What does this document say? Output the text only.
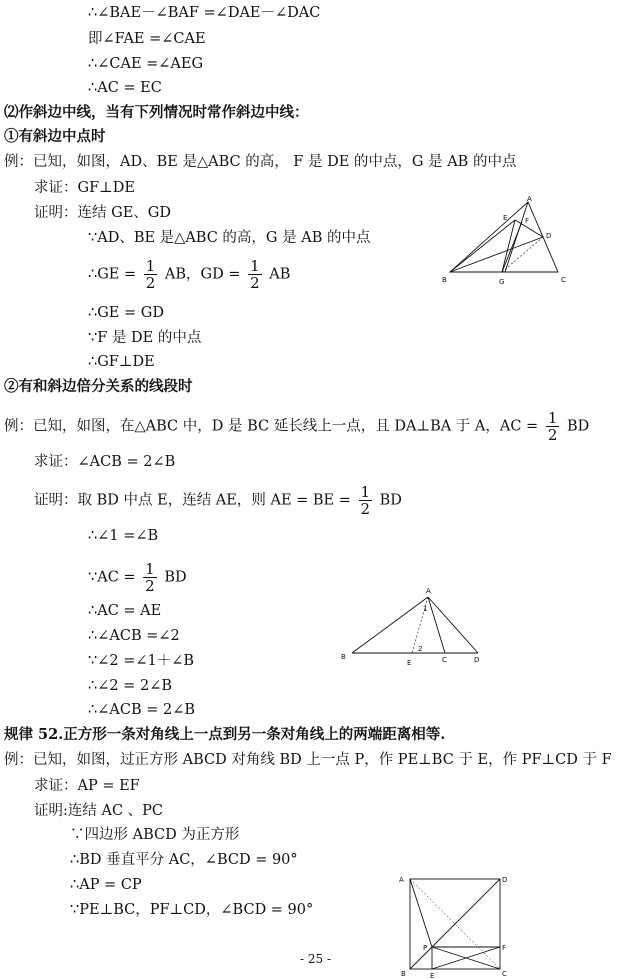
∴∠BAE－∠BAF =∠DAE－∠DAC
即∠FAE =∠CAE
∴∠CAE =∠AEG
∴AC = EC
⑵作斜边中线，当有下列情况时常作斜边中线：
①有斜边中点时
例：已知，如图，AD、BE 是△ABC 的高， F 是 DE 的中点，G 是 AB 的中点
求证：GF⊥DE
证明：连结 GE、GD
∵AD、BE 是△ABC 的高，G 是 AB 的中点
∴GE = $\frac{1}{2}$ AB，GD = $\frac{1}{2}$ AB
∴GE = GD
∵F 是 DE 的中点
∴GF⊥DE
A
B	C
D
E	F
G
②有和斜边倍分关系的线段时
例：已知，如图，在△ABC 中，D 是 BC 延长线上一点，且 DA⊥BA 于 A，AC = $\frac{1}{2}$ BD
求证：∠ACB = 2∠B
证明：取 BD 中点 E，连结 AE，则 AE = BE = $\frac{1}{2}$ BD
∴∠1 =∠B
∵AC = $\frac{1}{2}$ BD
∴AC = AE
∴∠ACB =∠2
∵∠2 =∠1＋∠B
∴∠2 = 2∠B
∴∠ACB = 2∠B
A
B	C	D
E
1
2
规律 52.正方形一条对角线上一点到另一条对角线上的两端距离相等.
例：已知，如图，过正方形 ABCD 对角线 BD 上一点 P，作 PE⊥BC 于 E，作 PF⊥CD 于 F
求证：AP = EF
证明:连结 AC 、PC
∵四边形 ABCD 为正方形
∴BD 垂直平分 AC，∠BCD = 90°
∴AP = CP
∵PE⊥BC，PF⊥CD，∠BCD = 90°
A
B	C
D
E
F
P
- 25 -
